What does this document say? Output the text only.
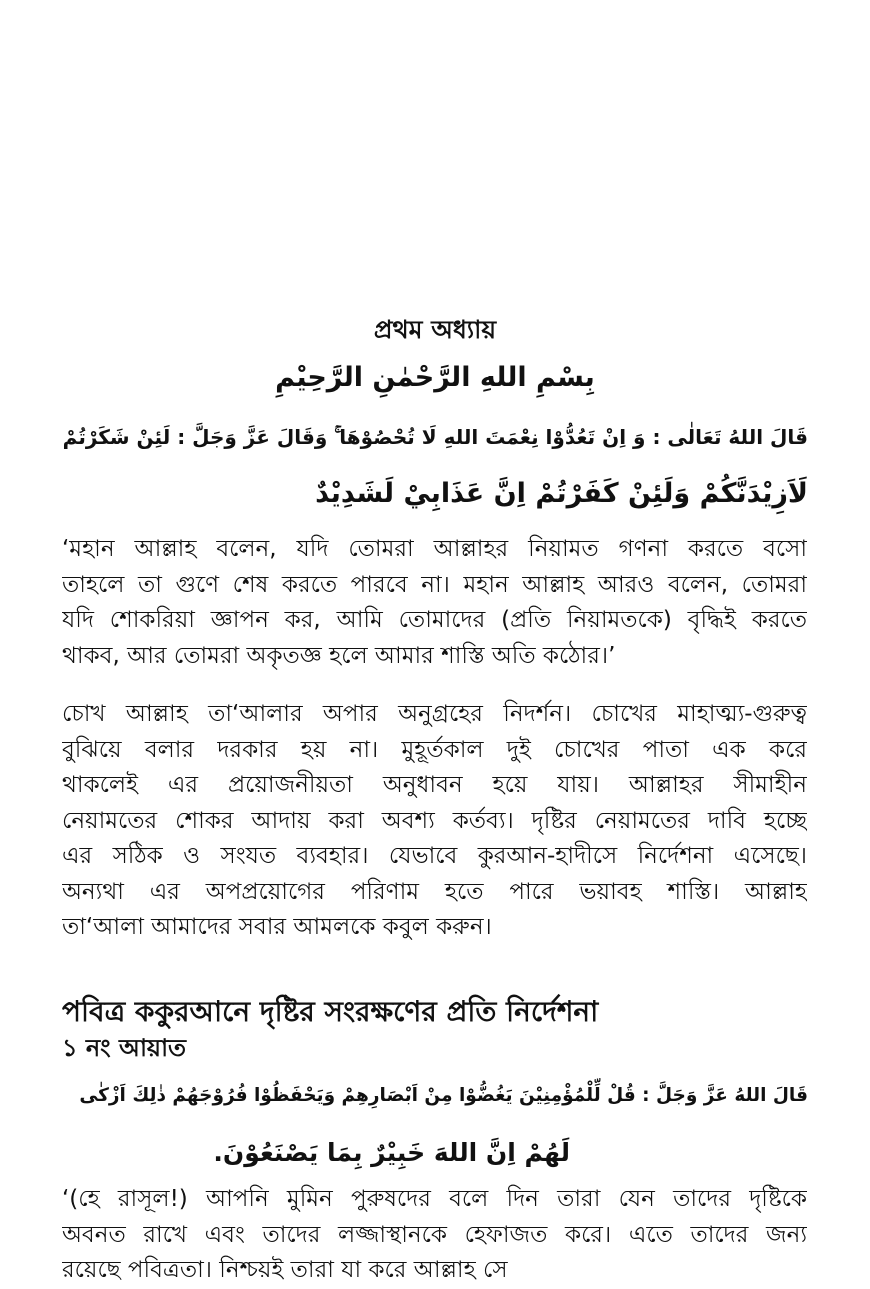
প্রথম অধ্যায়
بِسْمِ اللهِ الرَّحْمٰنِ الرَّحِيْمِ
قَالَ اللهُ تَعَالٰى : وَ اِنْ تَعُدُّوْا نِعْمَتَ اللهِ لَا تُحْصُوْهَا ۚ وَقَالَ عَزَّ وَجَلَّ : لَئِنْ شَكَرْتُمْ
لَاَزِيْدَنَّكُمْ وَلَئِنْ كَفَرْتُمْ اِنَّ عَذَابِيْ لَشَدِيْدٌ
‘মহান আল্লাহ বলেন, যদি তোমরা আল্লাহর নিয়ামত গণনা করতে বসো
তাহলে তা গুণে শেষ করতে পারবে না। মহান আল্লাহ আরও বলেন, তোমরা
যদি শোকরিয়া জ্ঞাপন কর, আমি তোমাদের (প্রতি নিয়ামতকে) বৃদ্ধিই করতে
থাকব, আর তোমরা অকৃতজ্ঞ হলে আমার শাস্তি অতি কঠোর।’
চোখ আল্লাহ তা‘আলার অপার অনুগ্রহের নিদর্শন। চোখের মাহাত্ম্য-গুরুত্ব
বুঝিয়ে বলার দরকার হয় না। মুহূর্তকাল দুই চোখের পাতা এক করে
থাকলেই এর প্রয়োজনীয়তা অনুধাবন হয়ে যায়। আল্লাহর সীমাহীন
নেয়ামতের শোকর আদায় করা অবশ্য কর্তব্য। দৃষ্টির নেয়ামতের দাবি হচ্ছে
এর সঠিক ও সংযত ব্যবহার। যেভাবে কুরআন-হাদীসে নির্দেশনা এসেছে।
অন্যথা এর অপপ্রয়োগের পরিণাম হতে পারে ভয়াবহ শাস্তি। আল্লাহ
তা‘আলা আমাদের সবার আমলকে কবুল করুন।
পবিত্র ককুরআনে দৃষ্টির সংরক্ষণের প্রতি নির্দেশনা
১ নং আয়াত
قَالَ اللهُ عَزَّ وَجَلَّ : قُلْ لِّلْمُؤْمِنِيْنَ يَغُضُّوْا مِنْ اَبْصَارِهِمْ وَيَحْفَظُوْا فُرُوْجَهُمْ ذٰلِكَ اَزْكٰى
لَهُمْ اِنَّ اللهَ خَبِيْرٌ بِمَا يَصْنَعُوْنَ.
‘(হে রাসূল!) আপনি মুমিন পুরুষদের বলে দিন তারা যেন তাদের দৃষ্টিকে
অবনত রাখে এবং তাদের লজ্জাস্থানকে হেফাজত করে। এতে তাদের জন্য
রয়েছে পবিত্রতা। নিশ্চয়ই তারা যা করে আল্লাহ সে
